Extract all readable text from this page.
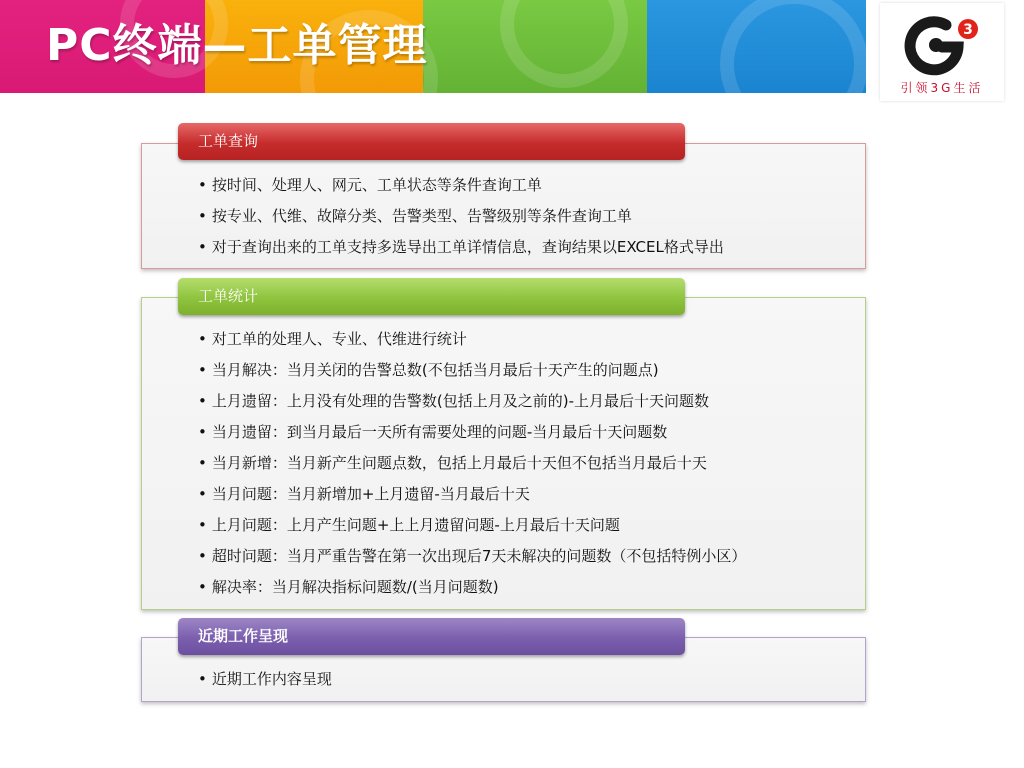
PC终端—工单管理	3
引领3G生活
工单查询
• 按时间、处理人、网元、工单状态等条件查询工单
• 按专业、代维、故障分类、告警类型、告警级别等条件查询工单
• 对于查询出来的工单支持多选导出工单详情信息，查询结果以EXCEL格式导出
工单统计
• 对工单的处理人、专业、代维进行统计
• 当月解决：当月关闭的告警总数(不包括当月最后十天产生的问题点)
• 上月遗留：上月没有处理的告警数(包括上月及之前的)-上月最后十天问题数
• 当月遗留：到当月最后一天所有需要处理的问题-当月最后十天问题数
• 当月新增：当月新产生问题点数，包括上月最后十天但不包括当月最后十天
• 当月问题：当月新增加+上月遗留-当月最后十天
• 上月问题：上月产生问题+上上月遗留问题-上月最后十天问题
• 超时问题：当月严重告警在第一次出现后7天未解决的问题数（不包括特例小区）
• 解决率：当月解决指标问题数/(当月问题数)
近期工作呈现
• 近期工作内容呈现
